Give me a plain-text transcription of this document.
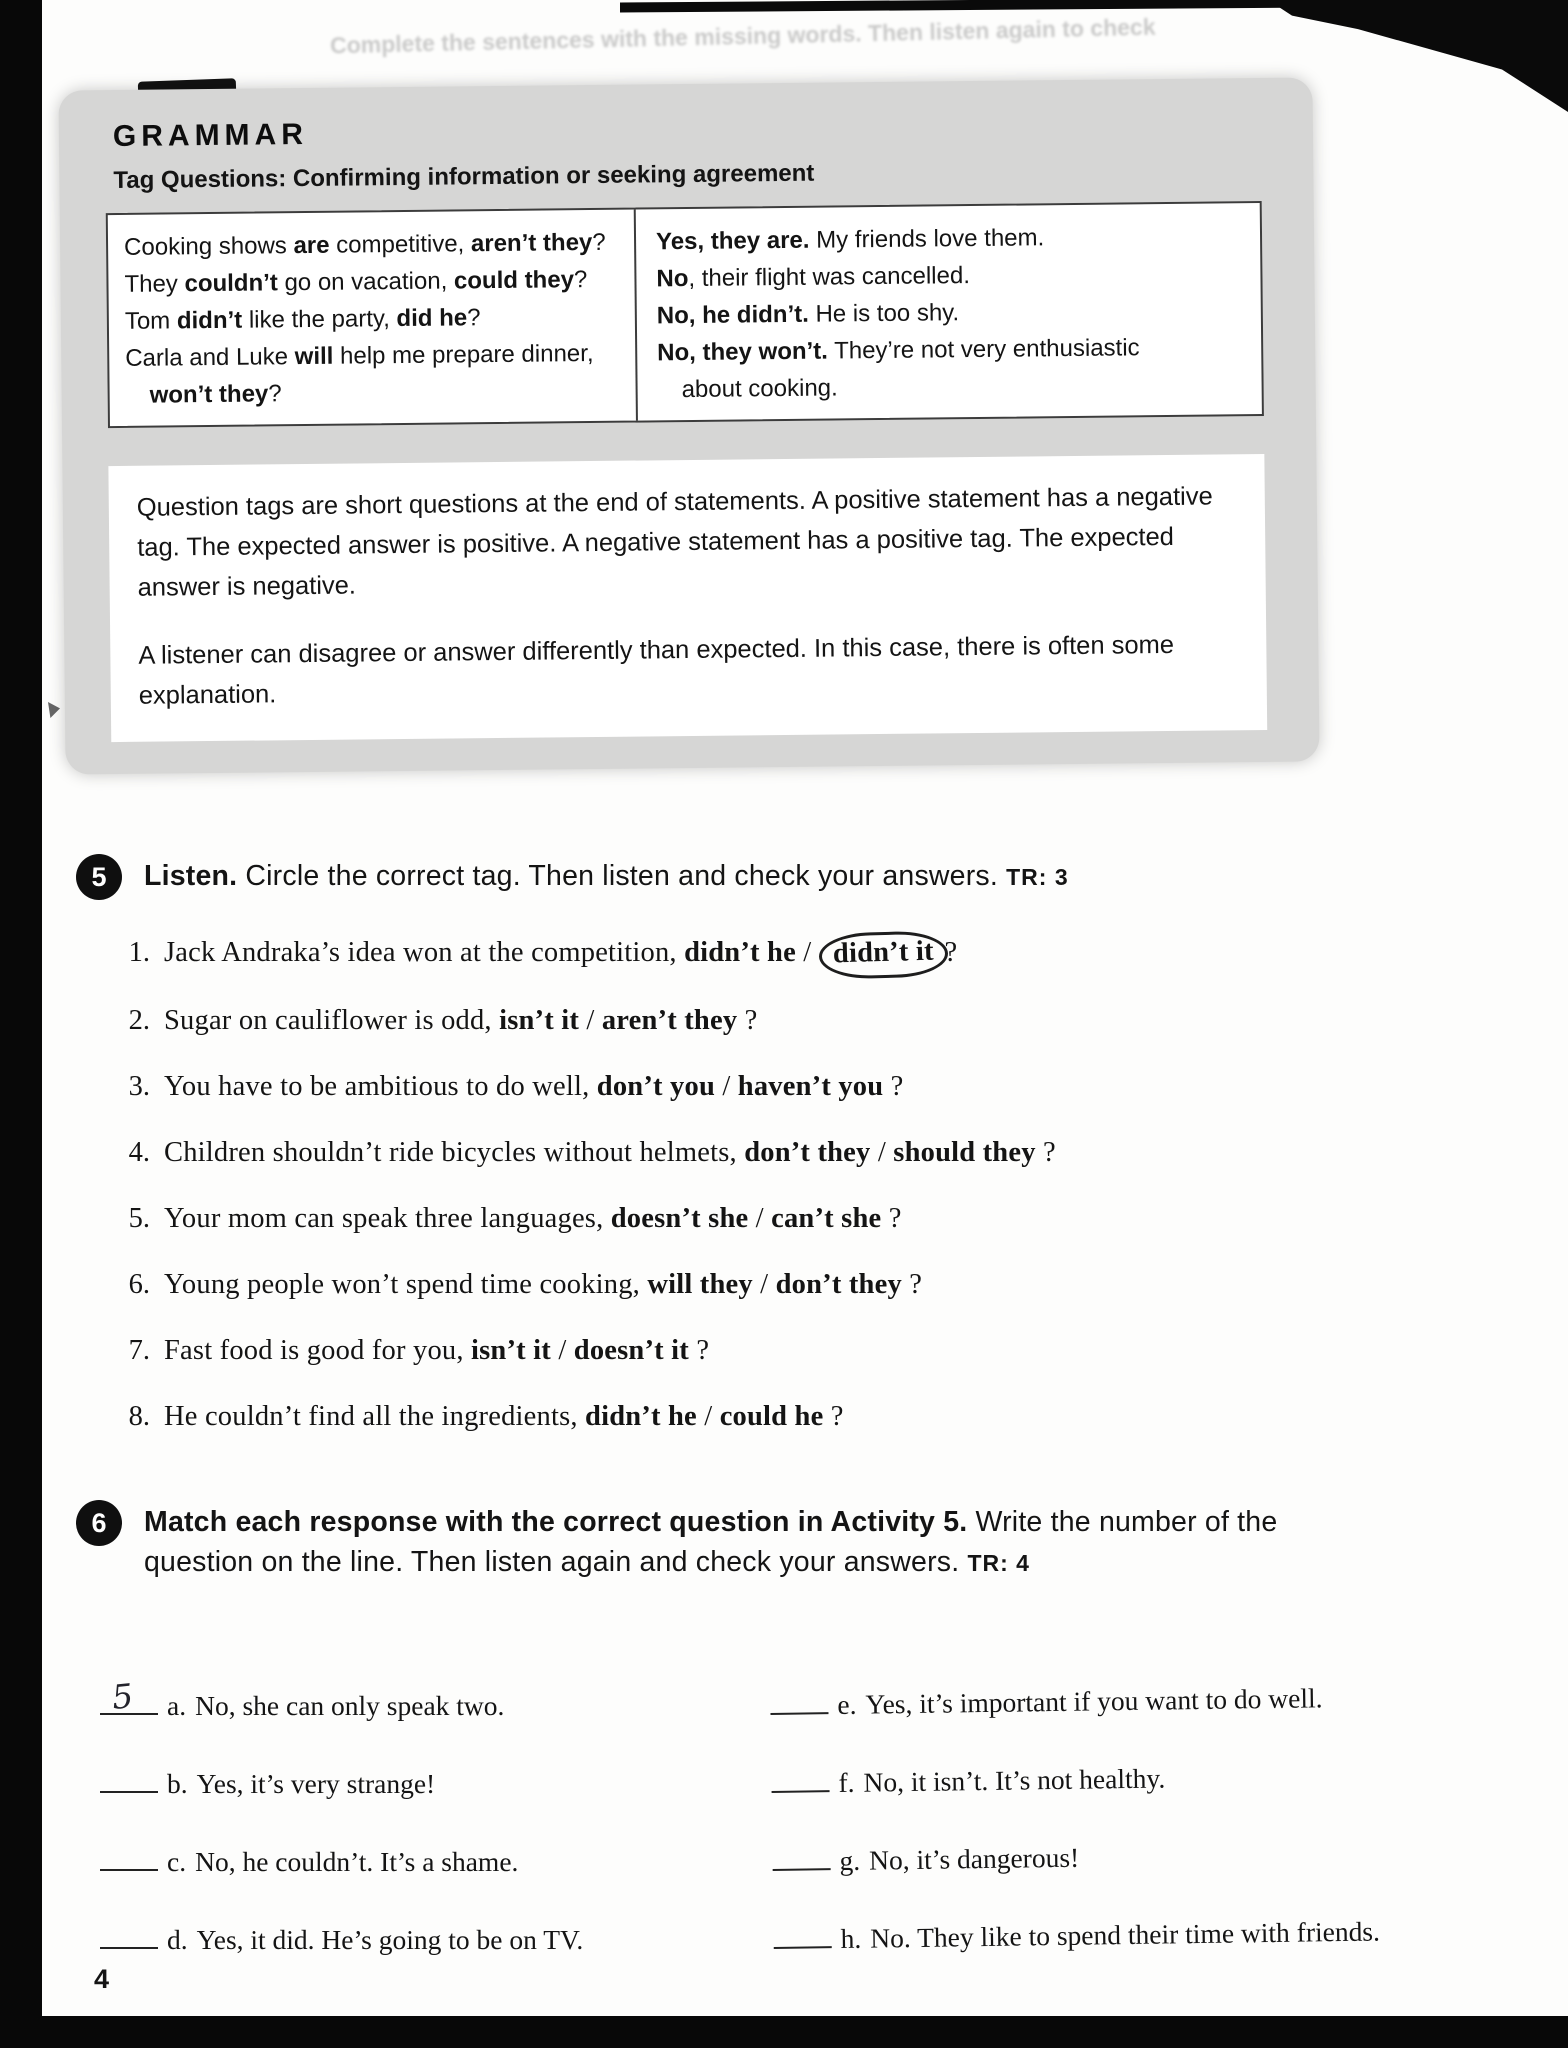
Complete the sentences with the missing words. Then listen again to check
GRAMMAR
Tag Questions: Confirming information or seeking agreement
Cooking shows are competitive, aren’t they?
They couldn’t go on vacation, could they?
Tom didn’t like the party, did he?
Carla and Luke will help me prepare dinner,
won’t they?
Yes, they are. My friends love them.
No, their flight was cancelled.
No, he didn’t. He is too shy.
No, they won’t. They’re not very enthusiastic
about cooking.

Question tags are short questions at the end of statements. A positive statement has a negative tag. The expected answer is positive. A negative statement has a positive tag. The expected answer is negative.

A listener can disagree or answer differently than expected. In this case, there is often some explanation.

5	Listen. Circle the correct tag. Then listen and check your answers. TR: 3
1. Jack Andraka’s idea won at the competition, didn’t he / didn’t it ?
2. Sugar on cauliflower is odd, isn’t it / aren’t they ?
3. You have to be ambitious to do well, don’t you / haven’t you ?
4. Children shouldn’t ride bicycles without helmets, don’t they / should they ?
5. Your mom can speak three languages, doesn’t she / can’t she ?
6. Young people won’t spend time cooking, will they / don’t they ?
7. Fast food is good for you, isn’t it / doesn’t it ?
8. He couldn’t find all the ingredients, didn’t he / could he ?
6	Match each response with the correct question in Activity 5. Write the number of the question on the line. Then listen again and check your answers. TR: 4
5 a. No, she can only speak two.
b. Yes, it’s very strange!
c. No, he couldn’t. It’s a shame.
d. Yes, it did. He’s going to be on TV.
e. Yes, it’s important if you want to do well.
f. No, it isn’t. It’s not healthy.
g. No, it’s dangerous!
h. No. They like to spend their time with friends.
4
